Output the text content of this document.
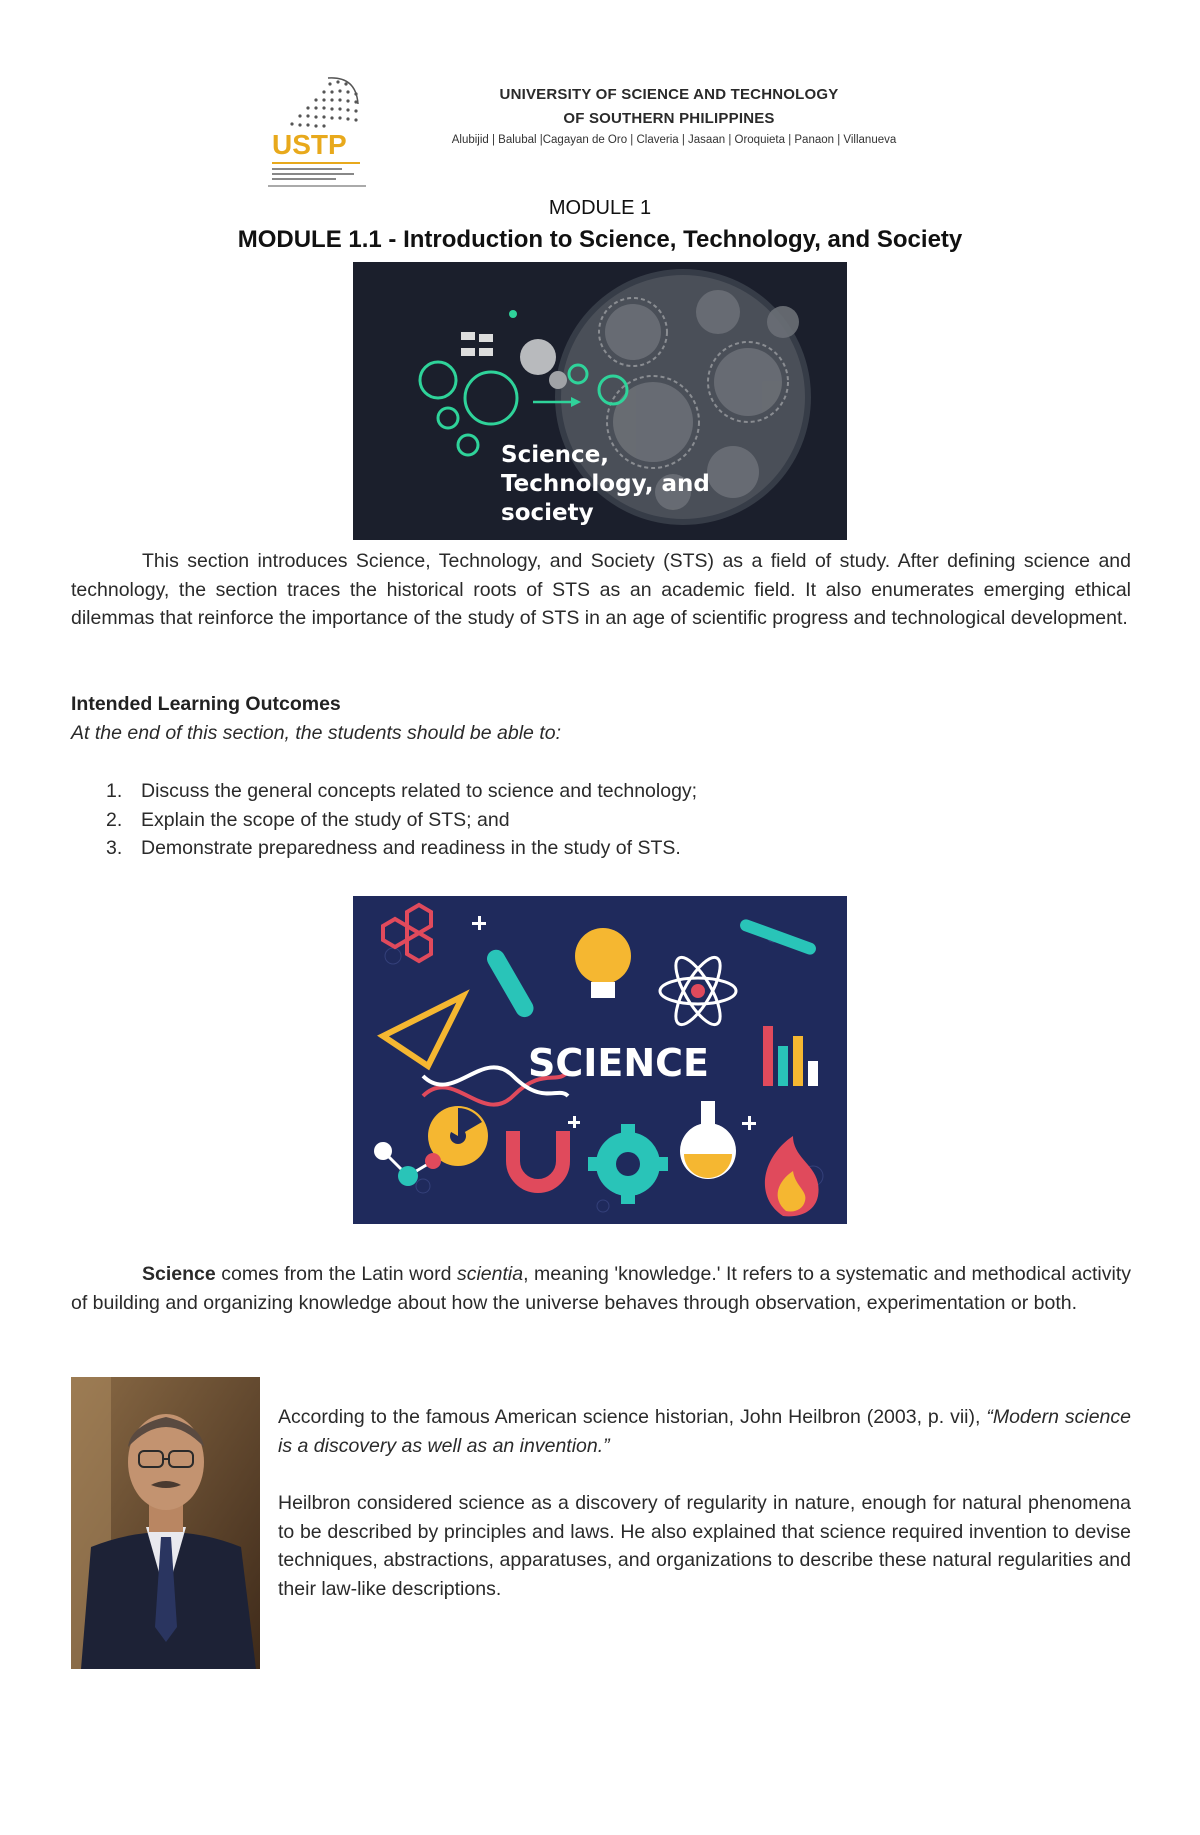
USTP
UNIVERSITY OF SCIENCE AND TECHNOLOGY
OF SOUTHERN PHILIPPINES
Alubijid | Balubal |Cagayan de Oro | Claveria | Jasaan | Oroquieta | Panaon | Villanueva
MODULE 1
MODULE 1.1 - Introduction to Science, Technology, and Society
Science, Technology, and society

This section introduces Science, Technology, and Society (STS) as a field of study. After defining science and technology, the section traces the historical roots of STS as an academic field. It also enumerates emerging ethical dilemmas that reinforce the importance of the study of STS in an age of scientific progress and technological development.

Intended Learning Outcomes
At the end of this section, the students should be able to:
1. Discuss the general concepts related to science and technology;
2. Explain the scope of the study of STS; and
3. Demonstrate preparedness and readiness in the study of STS.
SCIENCE

Science comes from the Latin word scientia, meaning 'knowledge.' It refers to a systematic and methodical activity of building and organizing knowledge about how the universe behaves through observation, experimentation or both.

According to the famous American science historian, John Heilbron (2003, p. vii), “Modern science is a discovery as well as an invention.”

Heilbron considered science as a discovery of regularity in nature, enough for natural phenomena to be described by principles and laws. He also explained that science required invention to devise techniques, abstractions, apparatuses, and organizations to describe these natural regularities and their law-like descriptions.
